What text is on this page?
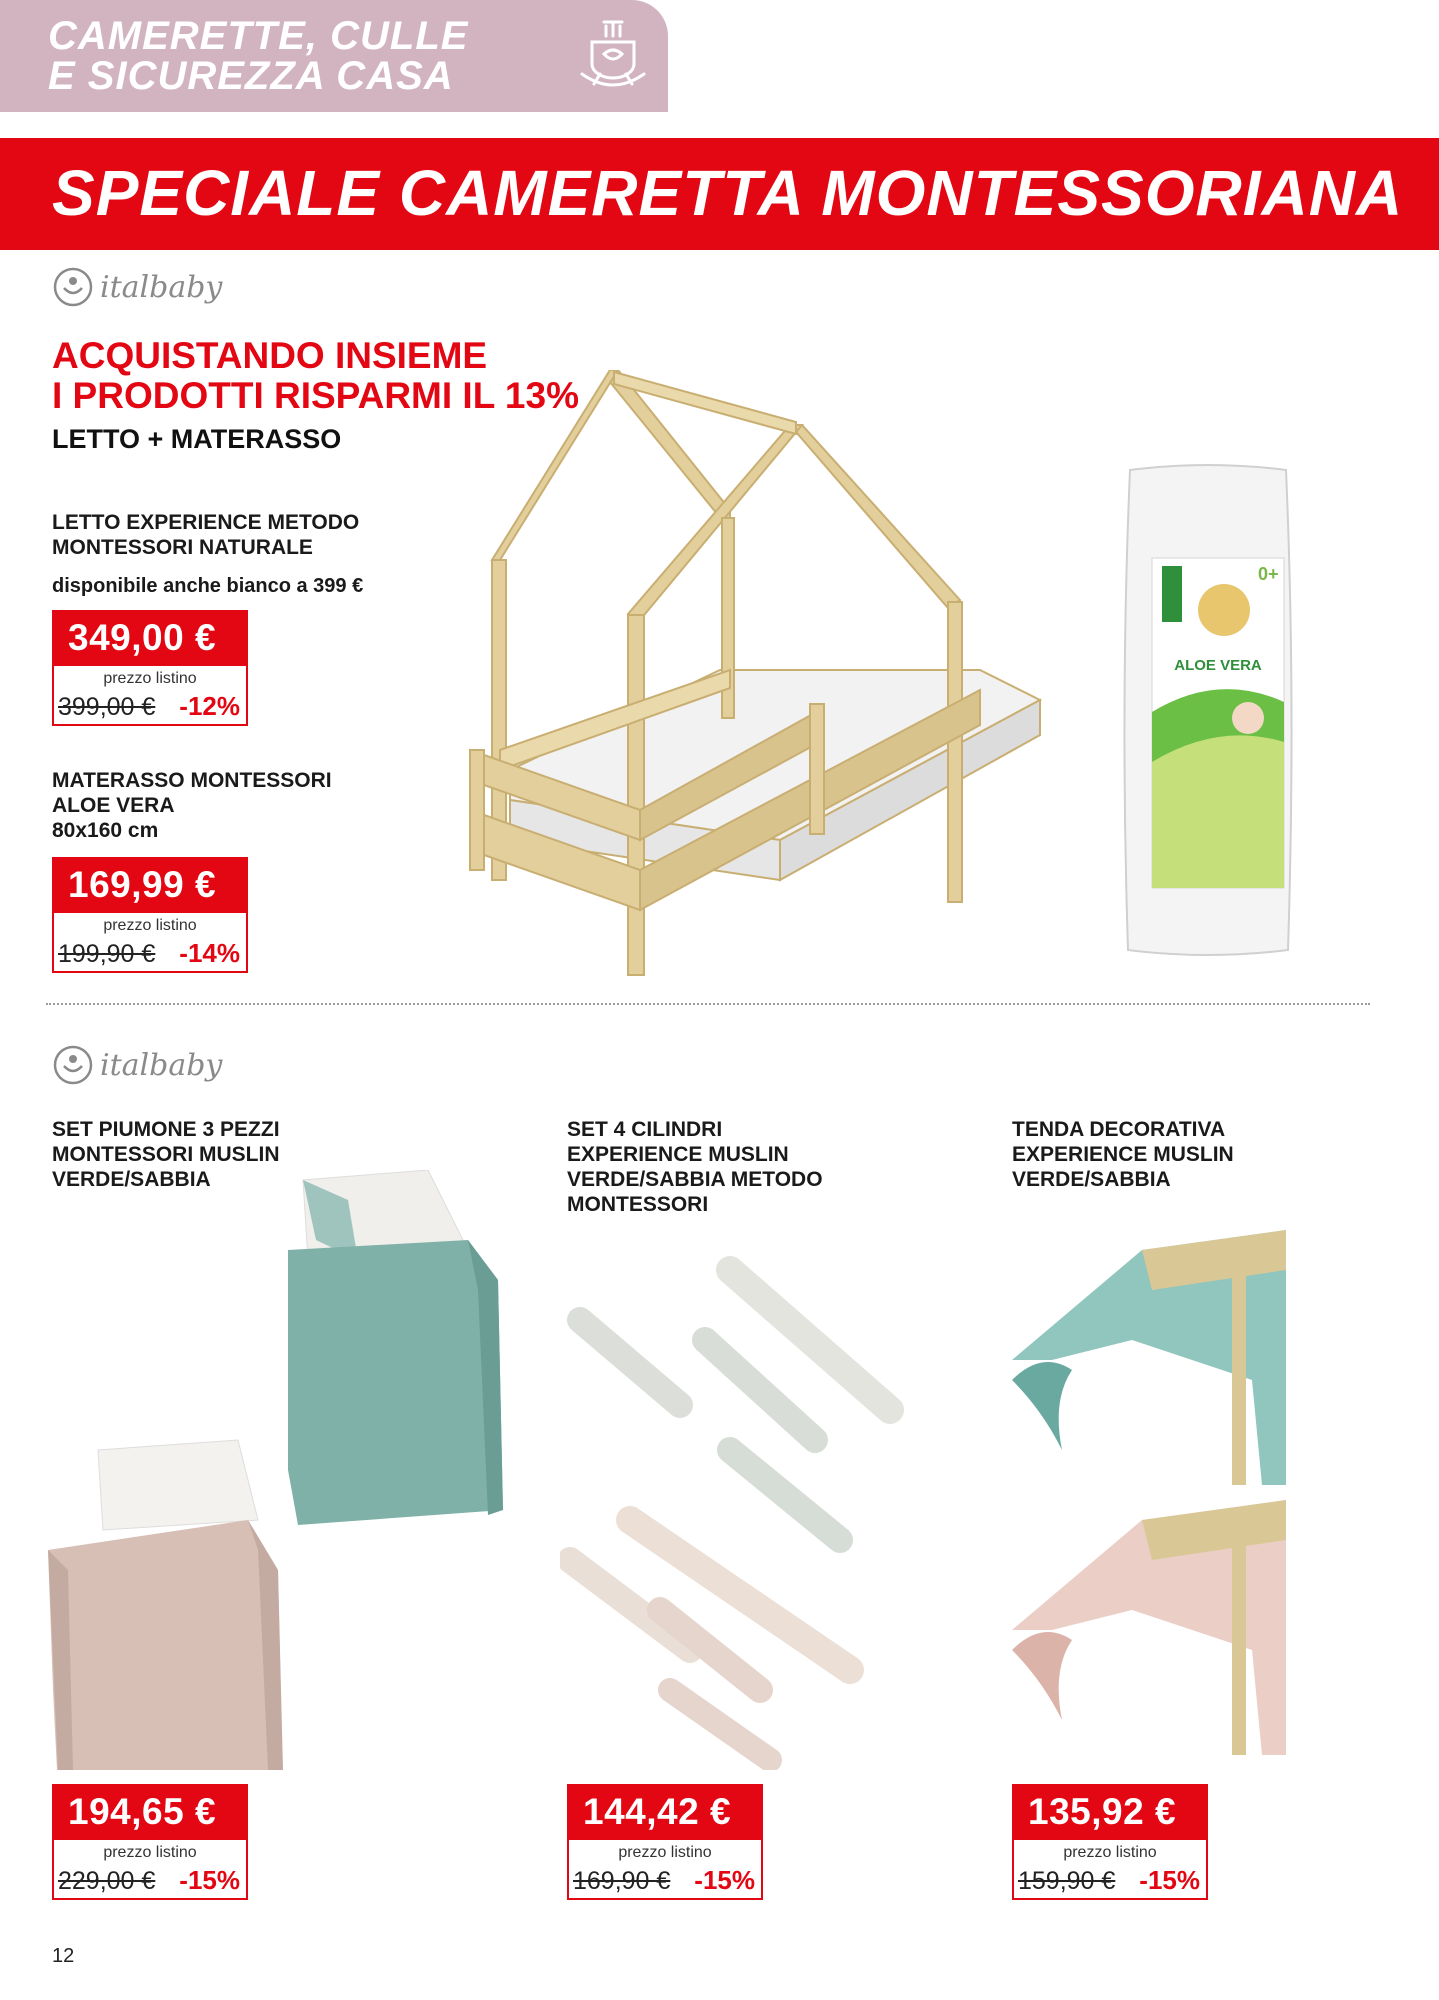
CAMERETTE, CULLE
E SICUREZZA CASA
SPECIALE CAMERETTA MONTESSORIANA
italbaby
ACQUISTANDO INSIEME
I PRODOTTI RISPARMI IL 13%
LETTO + MATERASSO
LETTO EXPERIENCE METODO
MONTESSORI NATURALE
disponibile anche bianco a 399 €
349,00 €
prezzo listino
399,00 € -12%
MATERASSO MONTESSORI
ALOE VERA
80x160 cm
169,99 €
prezzo listino
199,90 € -14%
0+
ALOE VERA
italbaby
SET PIUMONE 3 PEZZI
MONTESSORI MUSLIN
VERDE/SABBIA
194,65 €
prezzo listino
229,00 € -15%
SET 4 CILINDRI
EXPERIENCE MUSLIN
VERDE/SABBIA METODO
MONTESSORI
144,42 €
prezzo listino
169,90 € -15%
TENDA DECORATIVA
EXPERIENCE MUSLIN
VERDE/SABBIA
135,92 €
prezzo listino
159,90 € -15%
12
